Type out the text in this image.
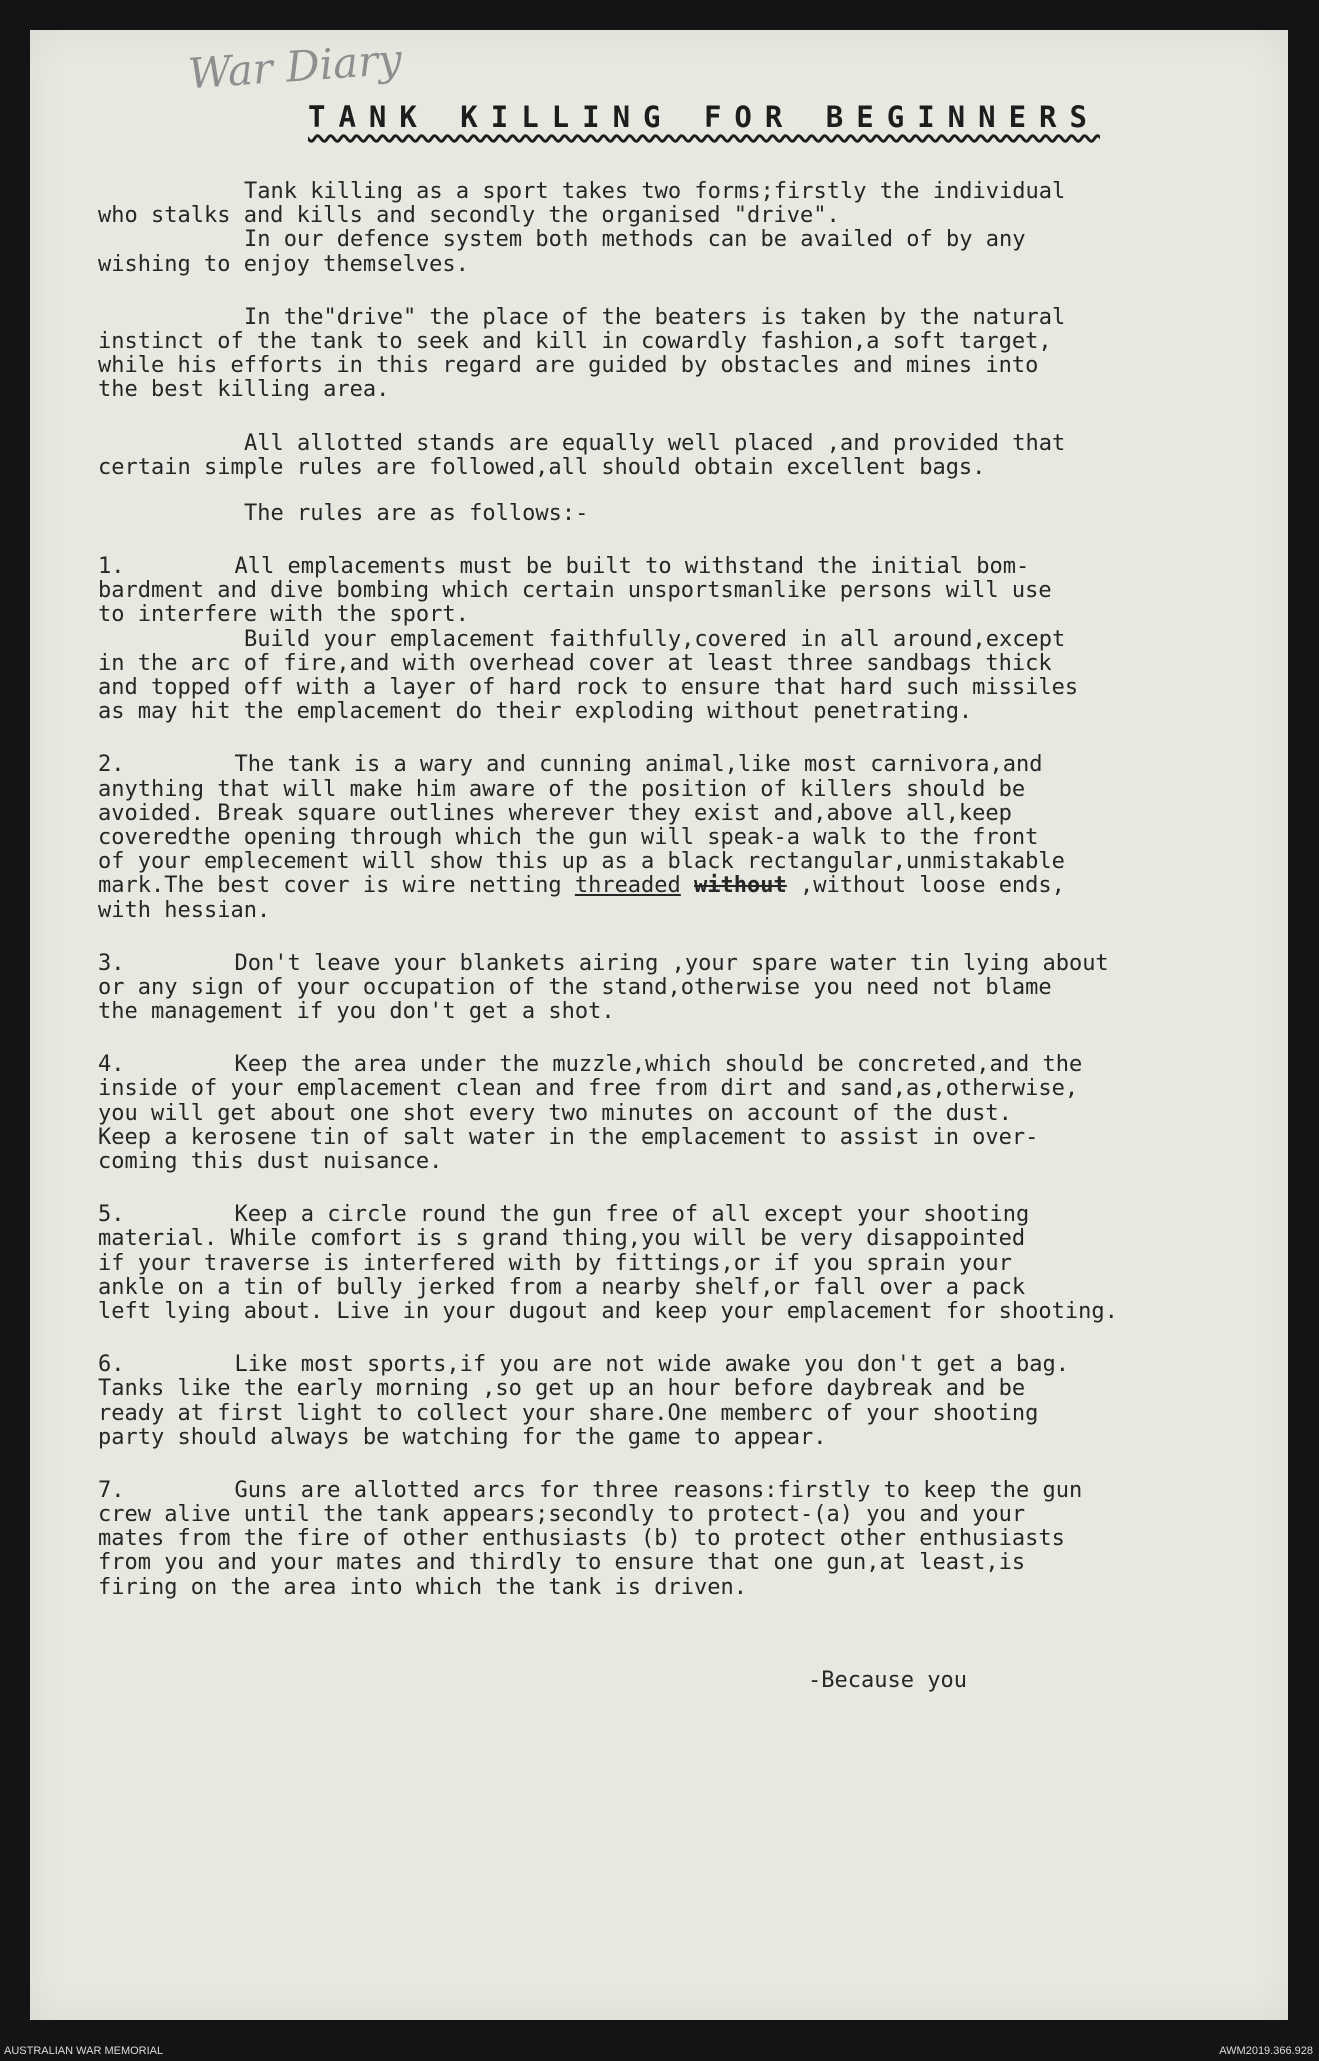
War Diary
TANK KILLING FOR BEGINNERS
Tank killing as a sport takes two forms;firstly the individual
who stalks and kills and secondly the organised "drive".
In our defence system both methods can be availed of by any
wishing to enjoy themselves.
In the"drive" the place of the beaters is taken by the natural
instinct of the tank to seek and kill in cowardly fashion,a soft target,
while his efforts in this regard are guided by obstacles and mines into
the best killing area.
All allotted stands are equally well placed ,and provided that
certain simple rules are followed,all should obtain excellent bags.
The rules are as follows:-
1.	All emplacements must be built to withstand the initial bom-
bardment and dive bombing which certain unsportsmanlike persons will use
to interfere with the sport.
Build your emplacement faithfully,covered in all around,except
in the arc of fire,and with overhead cover at least three sandbags thick
and topped off with a layer of hard rock to ensure that hard such missiles
as may hit the emplacement do their exploding without penetrating.
2.	The tank is a wary and cunning animal,like most carnivora,and
anything that will make him aware of the position of killers should be
avoided. Break square outlines wherever they exist and,above all,keep
coveredthe opening through which the gun will speak-a walk to the front
of your emplecement will show this up as a black rectangular,unmistakable
mark.The best cover is wire netting threaded without ,without loose ends,
with hessian.
3.	Don't leave your blankets airing ,your spare water tin lying about
or any sign of your occupation of the stand,otherwise you need not blame
the management if you don't get a shot.
4.	Keep the area under the muzzle,which should be concreted,and the
inside of your emplacement clean and free from dirt and sand,as,otherwise,
you will get about one shot every two minutes on account of the dust.
Keep a kerosene tin of salt water in the emplacement to assist in over-
coming this dust nuisance.
5.	Keep a circle round the gun free of all except your shooting
material. While comfort is s grand thing,you will be very disappointed
if your traverse is interfered with by fittings,or if you sprain your
ankle on a tin of bully jerked from a nearby shelf,or fall over a pack
left lying about. Live in your dugout and keep your emplacement for shooting.
6.	Like most sports,if you are not wide awake you don't get a bag.
Tanks like the early morning ,so get up an hour before daybreak and be
ready at first light to collect your share.One memberc of your shooting
party should always be watching for the game to appear.
7.	Guns are allotted arcs for three reasons:firstly to keep the gun
crew alive until the tank appears;secondly to protect-(a) you and your
mates from the fire of other enthusiasts (b) to protect other enthusiasts
from you and your mates and thirdly to ensure that one gun,at least,is
firing on the area into which the tank is driven.
-Because you
AUSTRALIAN WAR MEMORIAL	AWM2019.366.928
